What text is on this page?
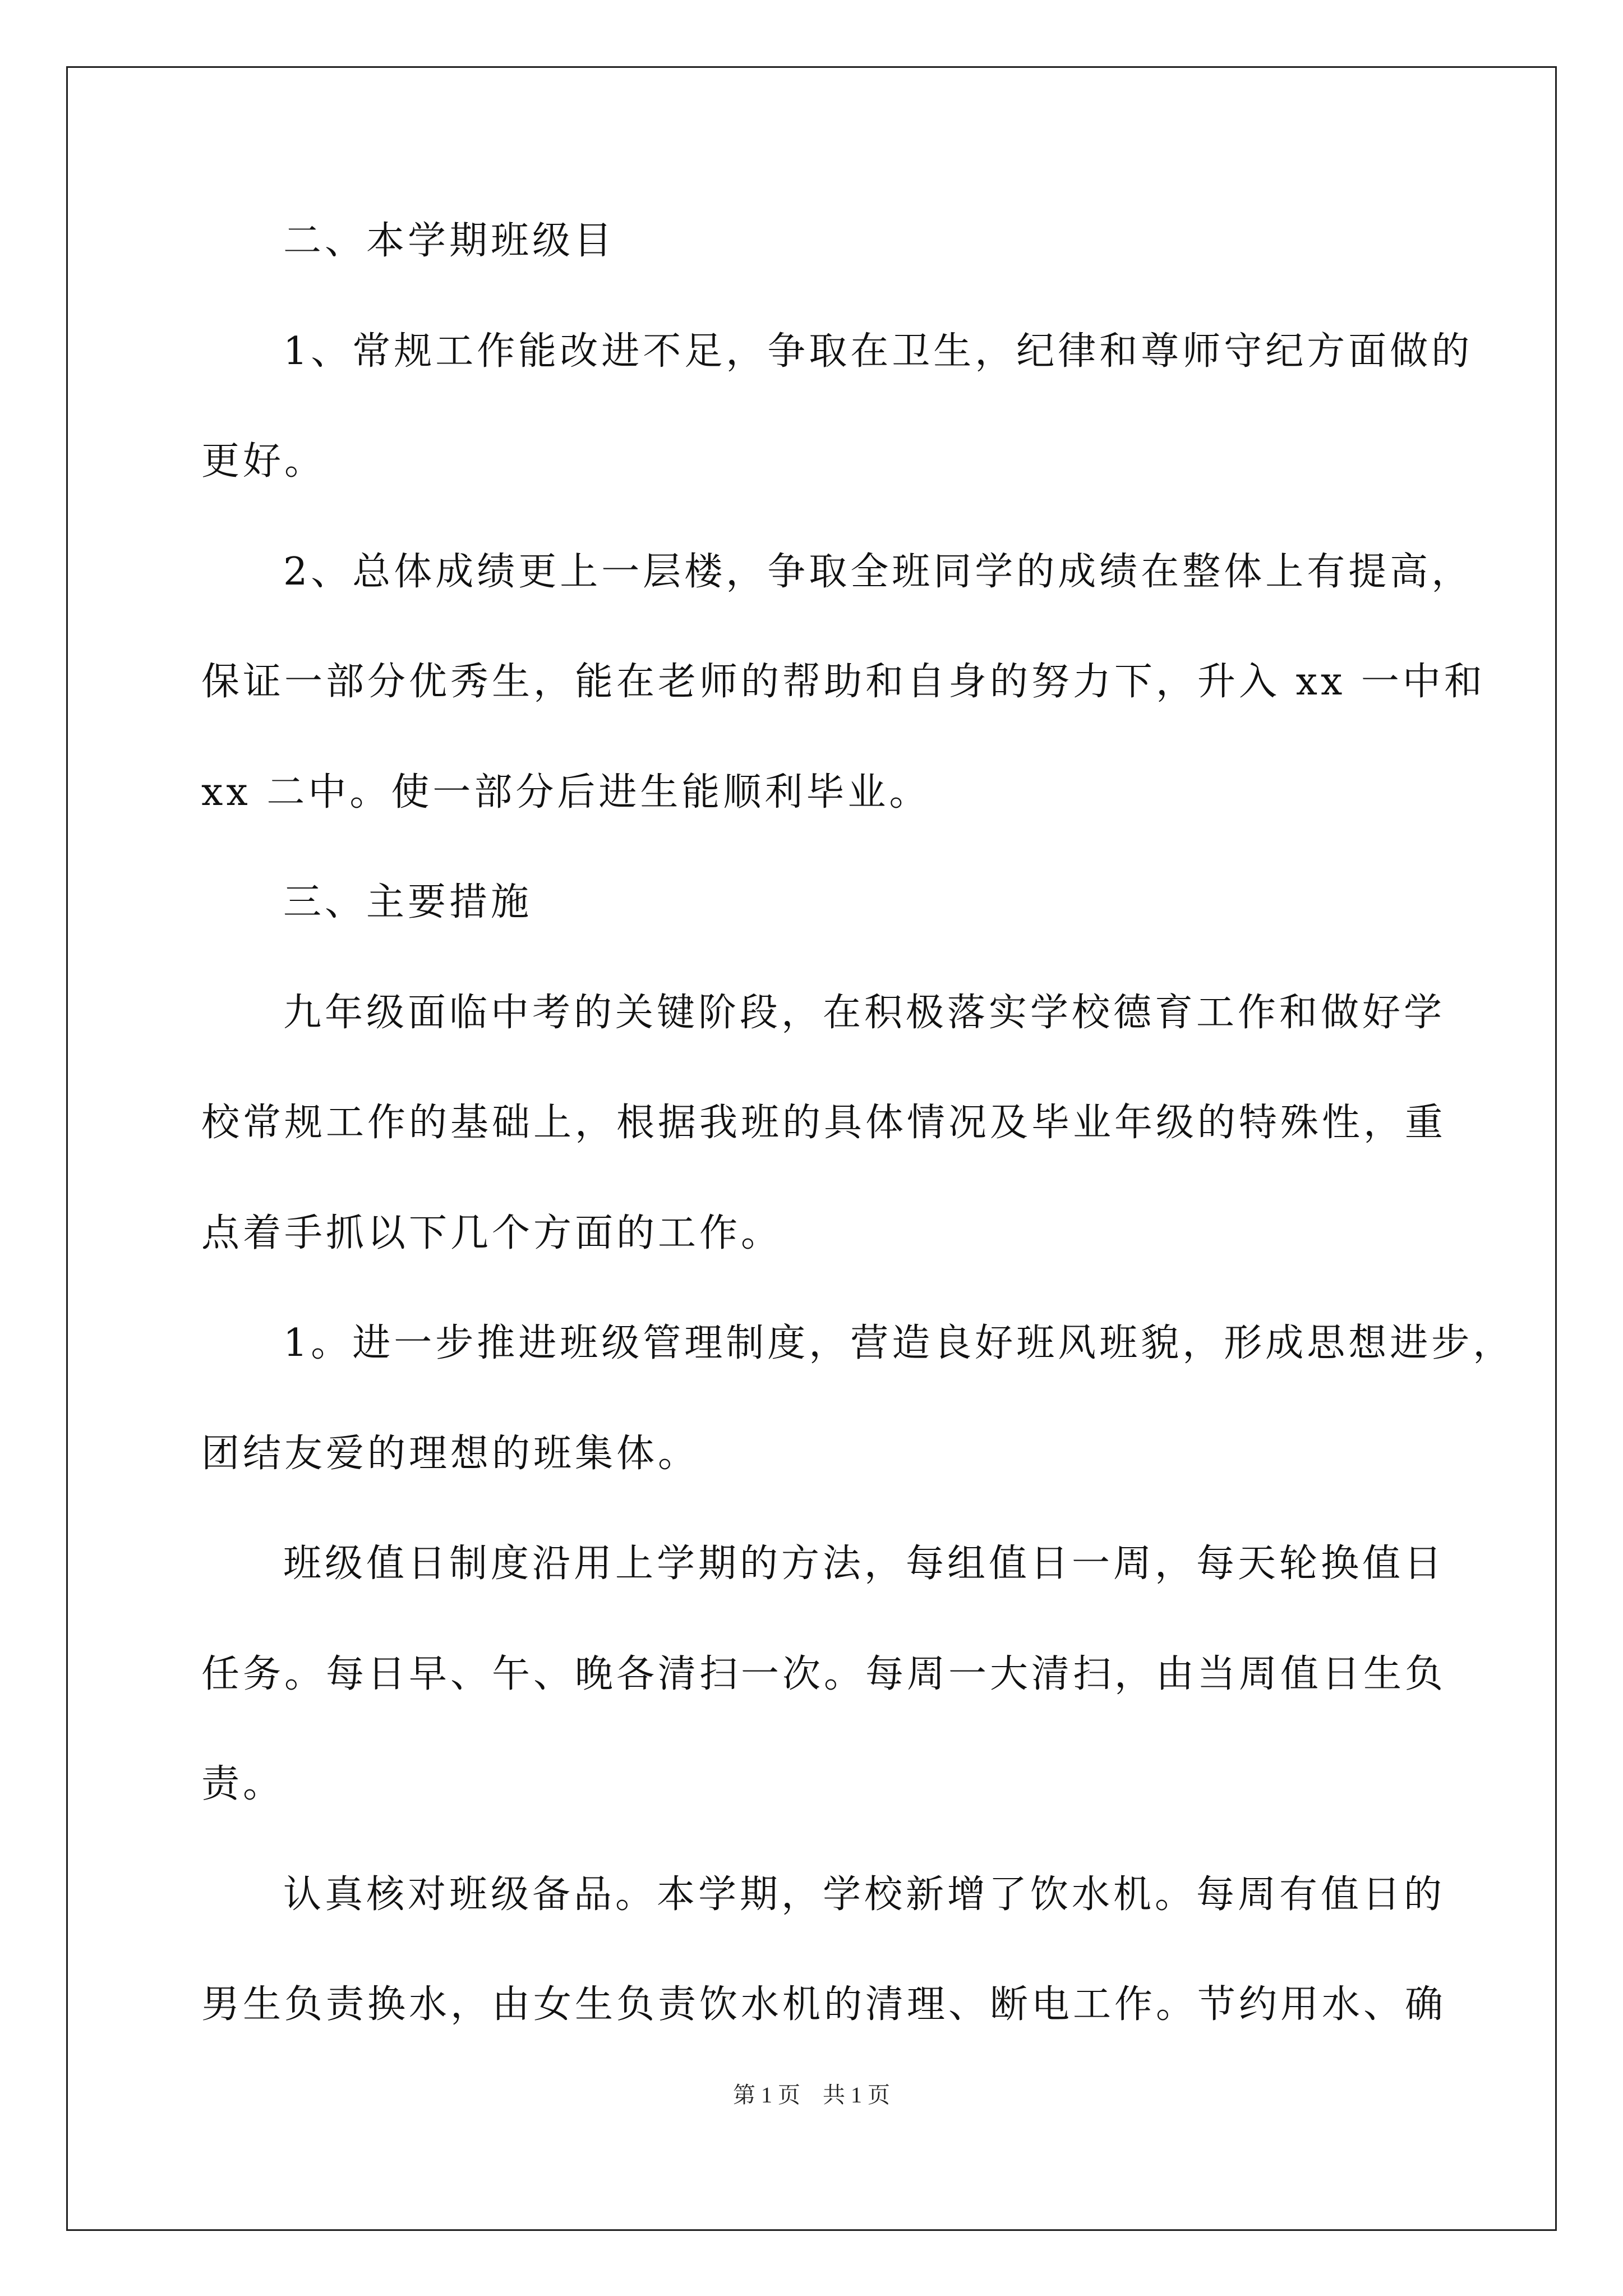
二、本学期班级目
1、常规工作能改进不足，争取在卫生，纪律和尊师守纪方面做的
更好。
2、总体成绩更上一层楼，争取全班同学的成绩在整体上有提高，
保证一部分优秀生，能在老师的帮助和自身的努力下，升入 xx 一中和
xx 二中。使一部分后进生能顺利毕业。
三、主要措施
九年级面临中考的关键阶段，在积极落实学校德育工作和做好学
校常规工作的基础上，根据我班的具体情况及毕业年级的特殊性，重
点着手抓以下几个方面的工作。
1。进一步推进班级管理制度，营造良好班风班貌，形成思想进步，
团结友爱的理想的班集体。
班级值日制度沿用上学期的方法，每组值日一周，每天轮换值日
任务。每日早、午、晚各清扫一次。每周一大清扫，由当周值日生负
责。
认真核对班级备品。本学期，学校新增了饮水机。每周有值日的
男生负责换水，由女生负责饮水机的清理、断电工作。节约用水、确
第 1 页　共 1 页
